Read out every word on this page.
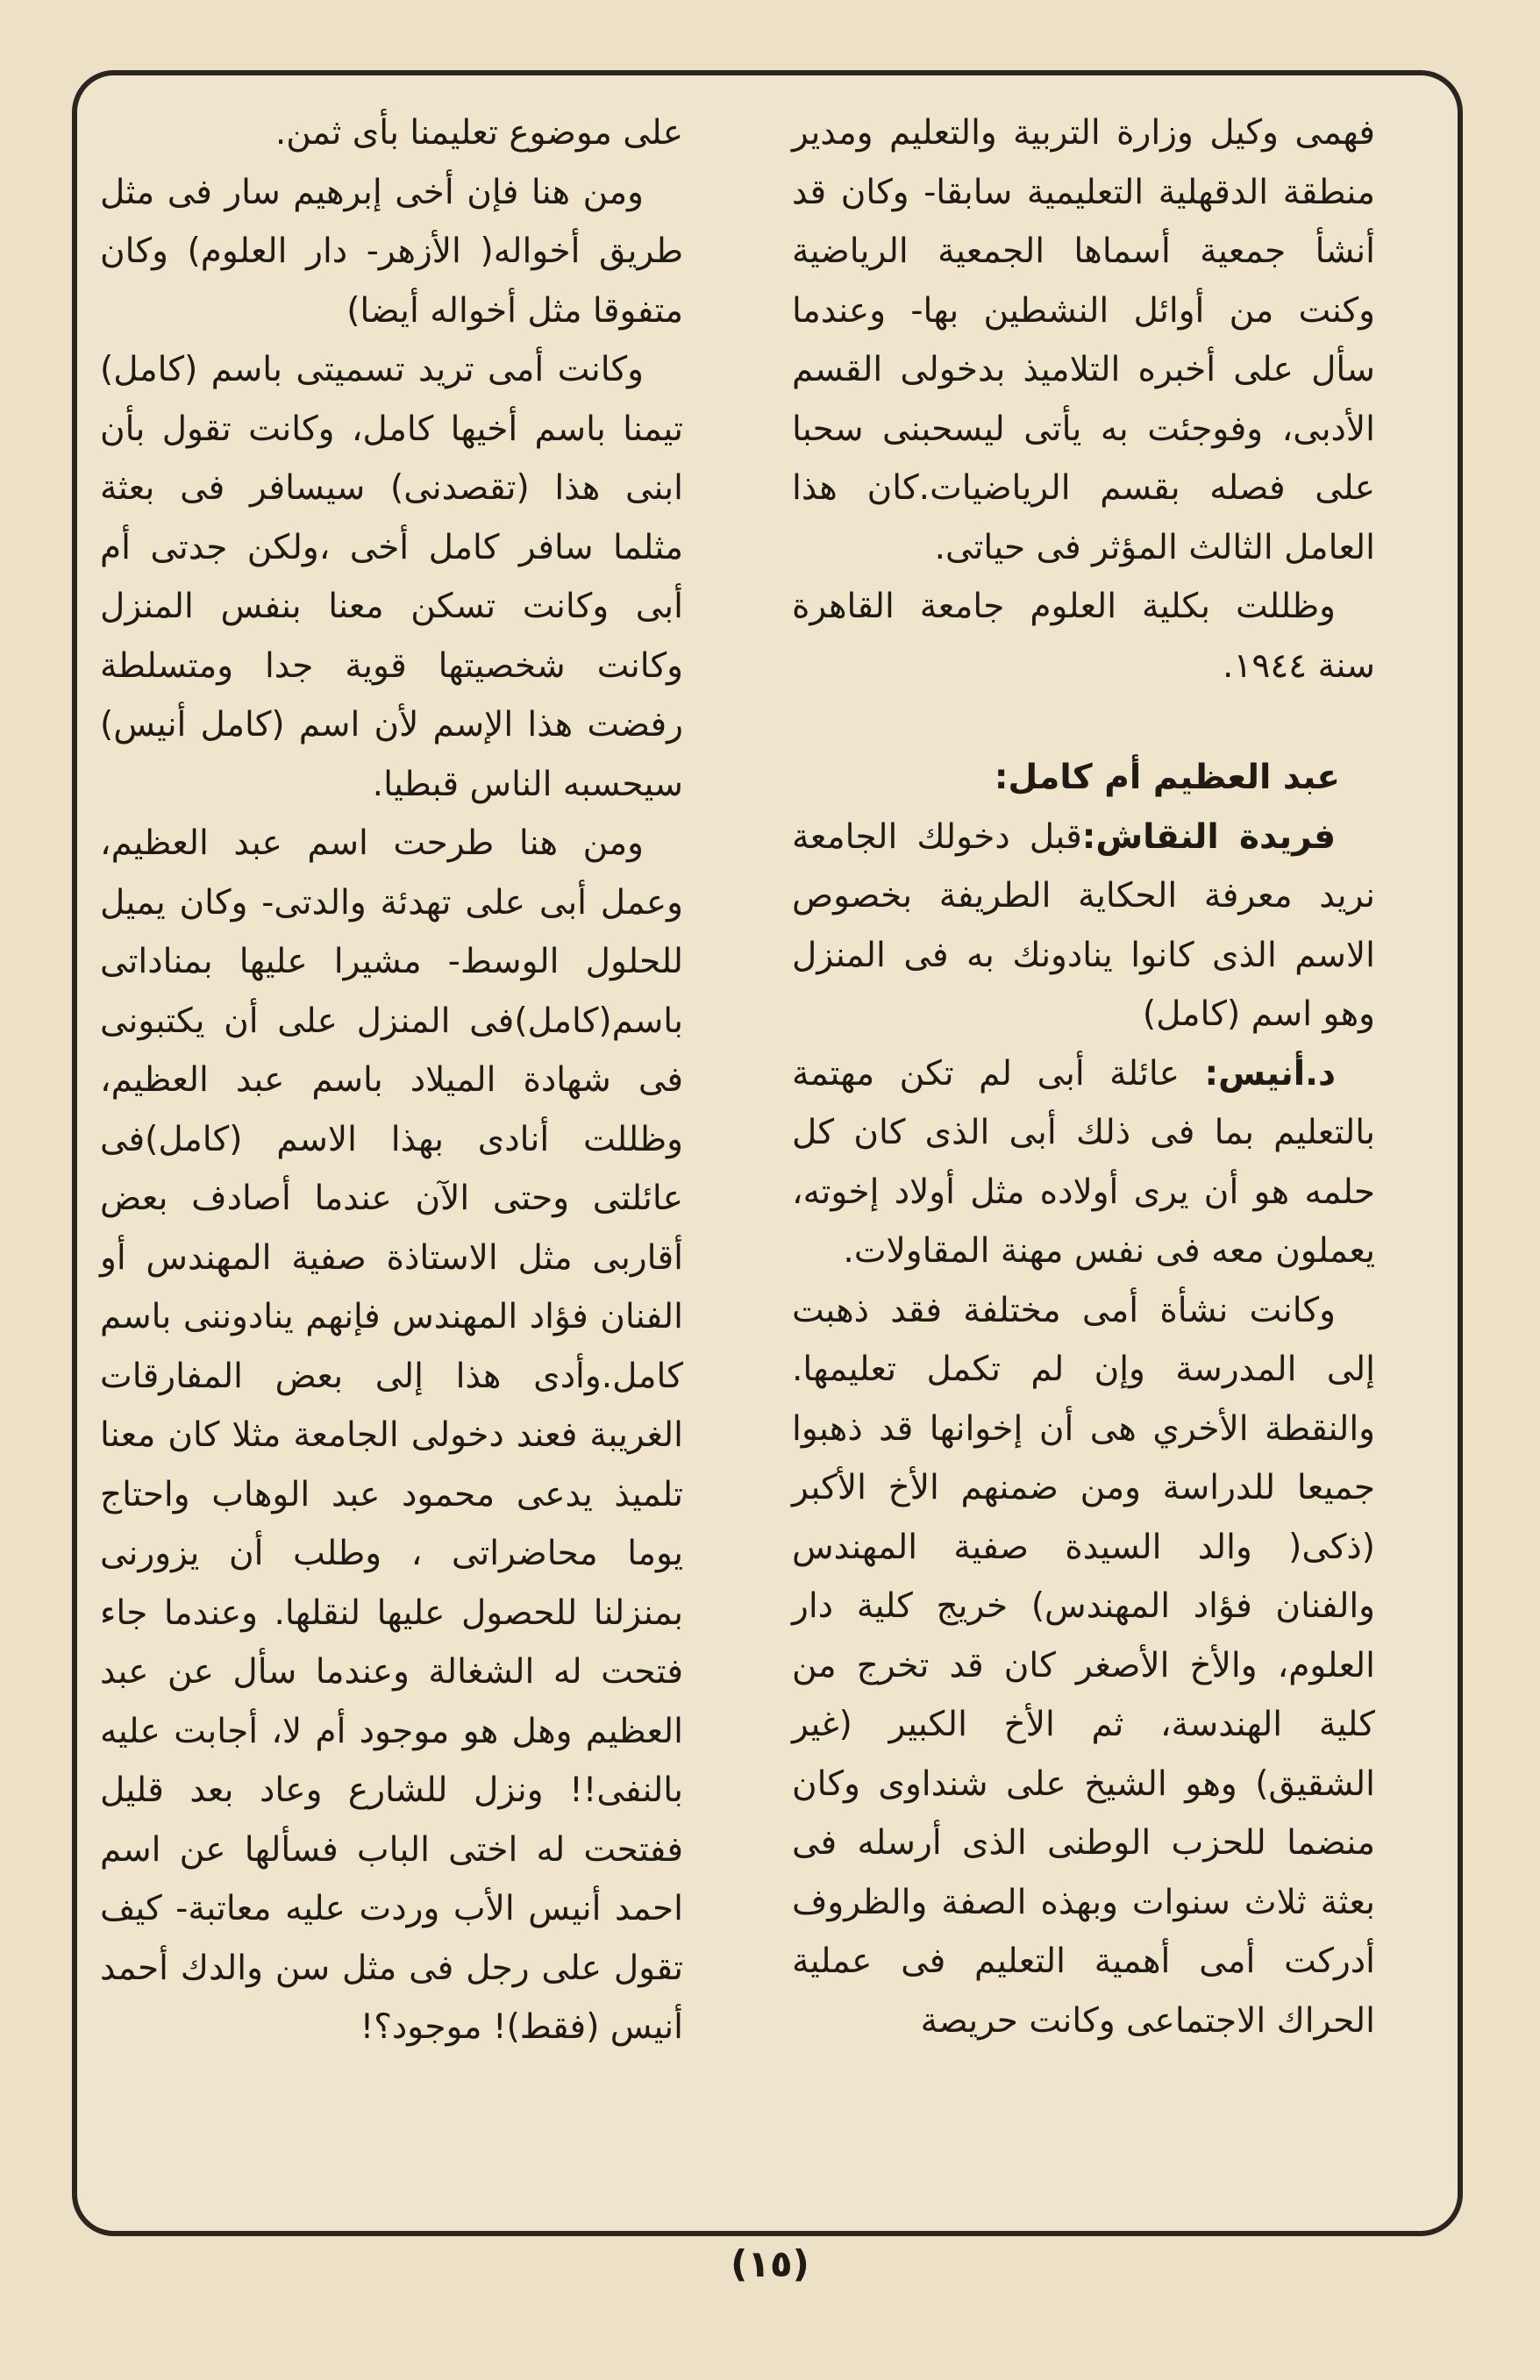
فهمى وكيل وزارة التربية والتعليم ومدير منطقة الدقهلية التعليمية سابقا- وكان قد أنشأ جمعية أسماها الجمعية الرياضية وكنت من أوائل النشطين بها- وعندما سأل على أخبره التلاميذ بدخولى القسم الأدبى، وفوجئت به يأتى ليسحبنى سحبا على فصله بقسم الرياضيات.كان هذا العامل الثالث المؤثر فى حياتى.

وظللت بكلية العلوم جامعة القاهرة سنة ١٩٤٤.

عبد العظيم أم كامل:

فريدة النقاش:قبل دخولك الجامعة نريد معرفة الحكاية الطريفة بخصوص الاسم الذى كانوا ينادونك به فى المنزل وهو اسم (كامل)

د.أنيس: عائلة أبى لم تكن مهتمة بالتعليم بما فى ذلك أبى الذى كان كل حلمه هو أن يرى أولاده مثل أولاد إخوته، يعملون معه فى نفس مهنة المقاولات.

وكانت نشأة أمى مختلفة فقد ذهبت إلى المدرسة وإن لم تكمل تعليمها. والنقطة الأخري هى أن إخوانها قد ذهبوا جميعا للدراسة ومن ضمنهم الأخ الأكبر (ذكى( والد السيدة صفية المهندس والفنان فؤاد المهندس) خريج كلية دار العلوم، والأخ الأصغر كان قد تخرج من كلية الهندسة، ثم الأخ الكبير (غير الشقيق) وهو الشيخ على شنداوى وكان منضما للحزب الوطنى الذى أرسله فى بعثة ثلاث سنوات وبهذه الصفة والظروف أدركت أمى أهمية التعليم فى عملية الحراك الاجتماعى وكانت حريصة

على موضوع تعليمنا بأى ثمن.

ومن هنا فإن أخى إبرهيم سار فى مثل طريق أخواله( الأزهر- دار العلوم) وكان متفوقا مثل أخواله أيضا)

وكانت أمى تريد تسميتى باسم (كامل) تيمنا باسم أخيها كامل، وكانت تقول بأن ابنى هذا (تقصدنى) سيسافر فى بعثة مثلما سافر كامل أخى ،ولكن جدتى أم أبى وكانت تسكن معنا بنفس المنزل وكانت شخصيتها قوية جدا ومتسلطة رفضت هذا الإسم لأن اسم (كامل أنيس) سيحسبه الناس قبطيا.

ومن هنا طرحت اسم عبد العظيم، وعمل أبى على تهدئة والدتى- وكان يميل للحلول الوسط- مشيرا عليها بمناداتى باسم(كامل)فى المنزل على أن يكتبونى فى شهادة الميلاد باسم عبد العظيم، وظللت أنادى بهذا الاسم (كامل)فى عائلتى وحتى الآن عندما أصادف بعض أقاربى مثل الاستاذة صفية المهندس أو الفنان فؤاد المهندس فإنهم ينادوننى باسم كامل.وأدى هذا إلى بعض المفارقات الغريبة فعند دخولى الجامعة مثلا كان معنا تلميذ يدعى محمود عبد الوهاب واحتاج يوما محاضراتى ، وطلب أن يزورنى بمنزلنا للحصول عليها لنقلها. وعندما جاء فتحت له الشغالة وعندما سأل عن عبد العظيم وهل هو موجود أم لا، أجابت عليه بالنفى!! ونزل للشارع وعاد بعد قليل ففتحت له اختى الباب فسألها عن اسم احمد أنيس الأب وردت عليه معاتبة- كيف تقول على رجل فى مثل سن والدك أحمد أنيس (فقط)! موجود؟!

(١٥)
